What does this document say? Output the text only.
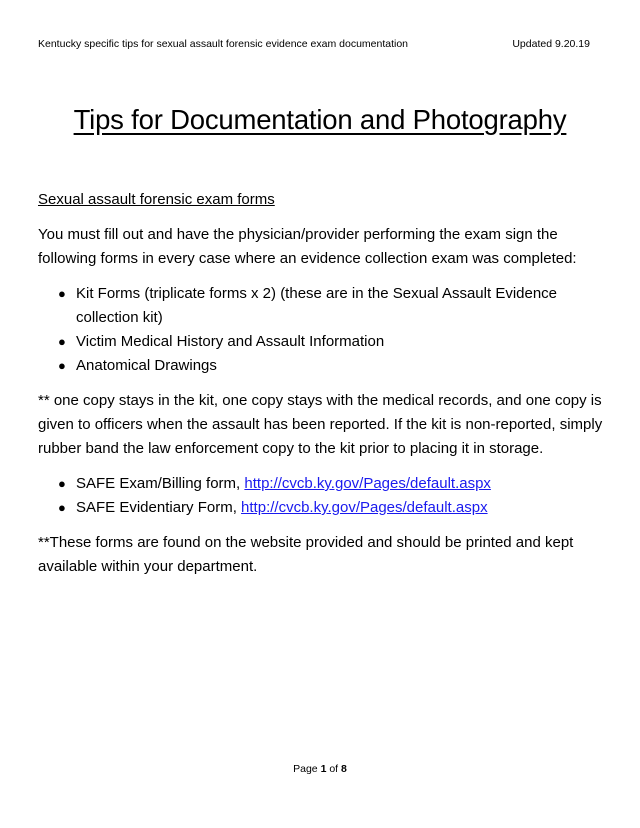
Kentucky specific tips for sexual assault forensic evidence exam documentation	Updated 9.20.19
Tips for Documentation and Photography
Sexual assault forensic exam forms

You must fill out and have the physician/provider performing the exam sign the following forms in every case where an evidence collection exam was completed:

● Kit Forms (triplicate forms x 2) (these are in the Sexual Assault Evidence collection kit)
● Victim Medical History and Assault Information
● Anatomical Drawings

** one copy stays in the kit, one copy stays with the medical records, and one copy is given to officers when the assault has been reported. If the kit is non-reported, simply rubber band the law enforcement copy to the kit prior to placing it in storage.

● SAFE Exam/Billing form, http://cvcb.ky.gov/Pages/default.aspx
● SAFE Evidentiary Form, http://cvcb.ky.gov/Pages/default.aspx

**These forms are found on the website provided and should be printed and kept available within your department.

Page 1 of 8
